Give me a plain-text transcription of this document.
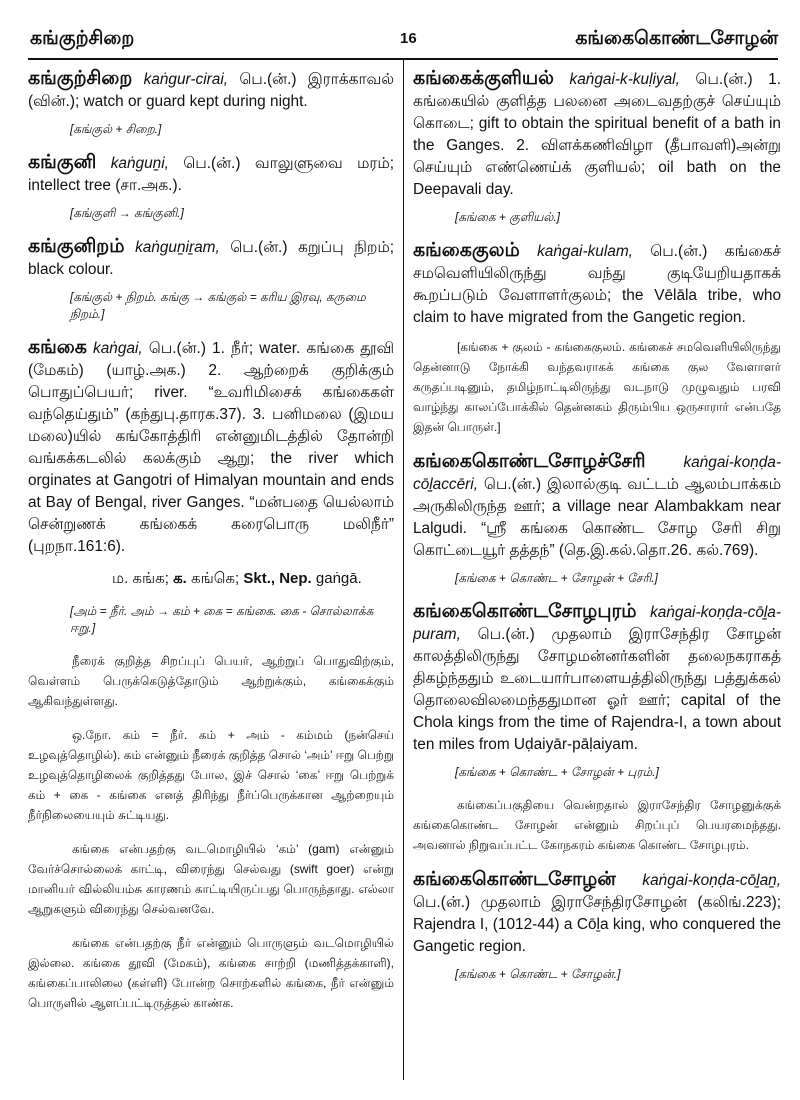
கங்குற்சிறை	16	கங்கைகொண்டசோழன்

கங்குற்சிறை kaṅgur-cirai, பெ.(ன்.) இராக்காவல் (வின்.); watch or guard kept during night.

[கங்குல் + சிறை.]

கங்குனி kaṅguṉi, பெ.(ன்.) வாலுளுவை மரம்; intellect tree (சா.அக.).

[கங்குளி → கங்குனி.]

கங்குனிறம் kaṅguṉiṟam, பெ.(ன்.) கறுப்பு நிறம்; black colour.

[கங்குல் + நிறம். கங்கு → கங்குல் = கரிய இரவு, கருமை நிறம்.]

கங்கை kaṅgai, பெ.(ன்.) 1. நீர்; water. கங்கை தூவி (மேகம்) (யாழ்.அக.) 2. ஆற்றைக் குறிக்கும் பொதுப்பெயர்; river. “உவரிமிசைக் கங்கைகள் வந்தெய்தும்” (கந்துபு.தாரக.37). 3. பனிமலை (இமய மலை)யில் கங்கோத்திரி என்னுமிடத்தில் தோன்றி வங்கக்கடலில் கலக்கும் ஆறு; the river which orginates at Gangotri of Himalyan mountain and ends at Bay of Bengal, river Ganges. “மன்பதை யெல்லாம் சென்றுணக் கங்கைக் கரைபொரு மலிநீர்” (புறநா.161:6).

ம. கங்க; க. கங்கெ; Skt., Nep. gaṅgā.

[அம் = நீர். அம் → கம் + கை = கங்கை. கை - சொல்லாக்க ஈறு.]

நீரைக் குறித்த சிறப்புப் பெயர், ஆற்றுப் பொதுவிற்கும், வெள்ளம் பெருக்கெடுத்தோடும் ஆற்றுக்கும், கங்கைக்கும் ஆகிவந்துள்ளது.

ஒ.நோ. கம் = நீர். கம் + அம் - கம்மம் (நன்செய் உழவுத்தொழில்). கம் என்னும் நீரைக் குறித்த சொல் ‘அம்’ ஈறு பெற்று உழவுத்தொழிலைக் குறித்தது போல, இச் சொல் ‘கை’ ஈறு பெற்றுக் கம் + கை - கங்கை எனத் திரிந்து நீர்ப்பெருக்கான ஆற்றையும் நீர்நிலையையும் சுட்டியது.

கங்கை என்பதற்கு வடமொழியில் ‘கம்’ (gam) என்னும் வேர்ச்சொல்லைக் காட்டி, விரைந்து செல்வது (swift goer) என்று மானியர் வில்லியம்சு காரணம் காட்டியிருப்பது பொருந்தாது. எல்லா ஆறுகளும் விரைந்து செல்வனவே.

கங்கை என்பதற்கு நீர் என்னும் பொருளும் வடமொழியில் இல்லை. கங்கை தூவி (மேகம்), கங்கை சாற்றி (மணித்தக்காளி), கங்கைப்பாலிலை (கள்ளி) போன்ற சொற்களில் கங்கை, நீர் என்னும் பொருளில் ஆளப்பட்டிருத்தல் காண்க.

கங்கைக்குளியல் kaṅgai-k-kuḷiyal, பெ.(ன்.) 1. கங்கையில் குளித்த பலனை அடைவதற்குச் செய்யும் கொடை; gift to obtain the spiritual benefit of a bath in the Ganges. 2. விளக்கணிவிழா (தீபாவளி)அன்று செய்யும் எண்ணெய்க் குளியல்; oil bath on the Deepavali day.

[கங்கை + குளியல்.]

கங்கைகுலம் kaṅgai-kulam, பெ.(ன்.) கங்கைச் சமவெளியிலிருந்து வந்து குடியேறியதாகக் கூறப்படும் வேளாளர்குலம்; the Vēlāla tribe, who claim to have migrated from the Gangetic region.

[கங்கை + குலம் - கங்கைகுலம். கங்கைச் சமவெளியிலிருந்து தென்னாடு நோக்கி வந்தவராகக் கங்கை குல வேளாளர் கருதப்படினும், தமிழ்நாட்டிலிருந்து வடநாடு முழுவதும் பரவி வாழ்ந்து காலப்போக்கில் தென்னகம் திரும்பிய ஒருசாரார் என்பதே இதன் பொருள்.]

கங்கைகொண்டசோழச்சேரி kaṅgai-koṇḍa-cōḻaccēri, பெ.(ன்.) இலால்குடி வட்டம் ஆலம்பாக்கம் அருகிலிருந்த ஊர்; a village near Alambakkam near Lalgudi. “ஸ்ரீ கங்கை கொண்ட சோழ சேரி சிறு கொட்டையூர் தத்தந்” (தெ.இ.கல்.தொ.26. கல்.769).

[கங்கை + கொண்ட + சோழன் + சேரி.]

கங்கைகொண்டசோழபுரம் kaṅgai-koṇḍa-cōḻa-puram, பெ.(ன்.) முதலாம் இராசேந்திர சோழன் காலத்திலிருந்து சோழமன்னர்களின் தலைநகராகத் திகழ்ந்ததும் உடையார்பாளையத்திலிருந்து பத்துக்கல் தொலைவிலமைந்ததுமான ஓர் ஊர்; capital of the Chola kings from the time of Rajendra-I, a town about ten miles from Uḍaiyār-pāḷaiyam.

[கங்கை + கொண்ட + சோழன் + புரம்.]

கங்கைப்பகுதியை வென்றதால் இராசேந்திர சோழனுக்குக் கங்கைகொண்ட சோழன் என்னும் சிறப்புப் பெயரமைந்தது. அவனால் நிறுவப்பட்ட கோநகரம் கங்கை கொண்ட சோழபுரம்.

கங்கைகொண்டசோழன் kaṅgai-koṇḍa-cōḻaṉ, பெ.(ன்.) முதலாம் இராசேந்திரசோழன் (கலிங்.223); Rajendra I, (1012-44) a Cōḻa king, who conquered the Gangetic region.

[கங்கை + கொண்ட + சோழன்.]
